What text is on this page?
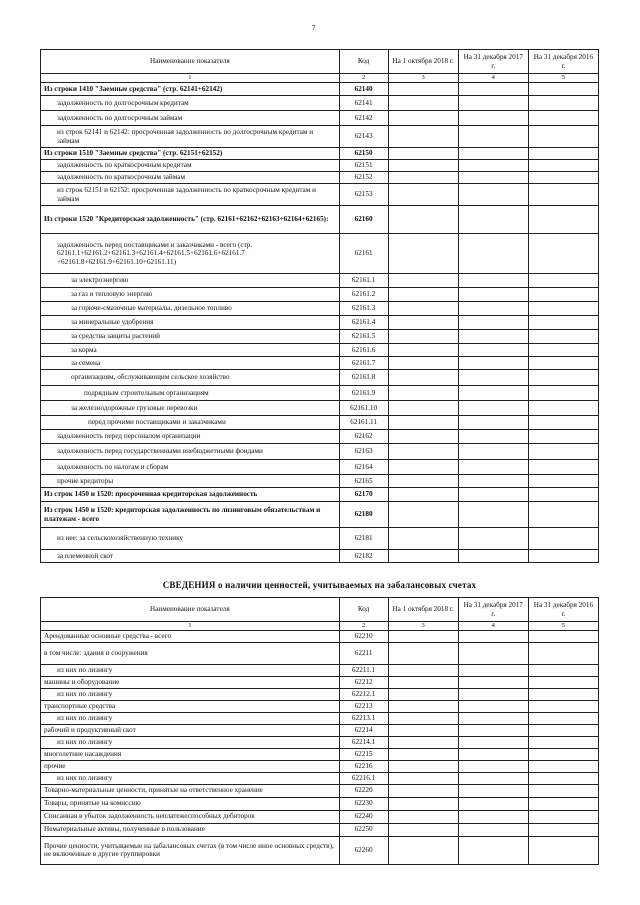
7
Наименование показателя	Код	На 1 октября 2018 г.	На 31 декабря 2017 г.	На 31 декабря 2016 г.
1	2	3	4	5
Из строки 1410 "Заемные средства" (стр. 62141+62142)	62140			
задолженность по долгосрочным кредитам	62141			
задолженность по долгосрочным займам	62142			
из строк 62141 и 62142: просроченная задолженность по долгосрочным кредитам и займам	62143			
Из строки 1510 "Заемные средства" (стр. 62151+62152)	62150			
задолженность по краткосрочным кредитам	62151			
задолженность по краткосрочным займам	62152			
из строк 62151 и 62152: просроченная задолженность по краткосрочным кредитам и займам	62153			
Из строки 1520 "Кредиторская задолженность" (стр. 62161+62162+62163+62164+62165):	62160			
задолженность перед поставщиками и заказчиками - всего (стр. 62161.1+62161.2+62161.3+62161.4+62161.5+62161.6+62161.7 +62161.8+62161.9+62161.10+62161.11)	62161			
за электроэнергию	62161.1			
за газ и тепловую энергию	62161.2			
за горюче-смазочные материалы, дизельное топливо	62161.3			
за минеральные удобрения	62161.4			
за средства защиты растений	62161.5			
за корма	62161.6			
за семена	62161.7			
организациям, обслуживающим сельское хозяйство	62161.8			
подрядным строительным организациям	62161.9			
за железнодорожные грузовые перевозки	62161.10			
перед прочими поставщиками и заказчиками	62161.11			
задолженность перед персоналом организации	62162			
задолженность перед государственными внебюджетными фондами	62163			
задолженность по налогам и сборам	62164			
прочие кредиторы	62165			
Из строк 1450 и 1520: просроченная кредиторская задолженность	62170			
Из строк 1450 и 1520: кредиторская задолженность по лизинговым обязательствам и платежам - всего	62180			
из нее: за сельскохозяйственную технику	62181			
за племенной скот	62182			
СВЕДЕНИЯ о наличии ценностей, учитываемых на забалансовых счетах
Наименование показателя	Код	На 1 октября 2018 г.	На 31 декабря 2017 г.	На 31 декабря 2016 г.
1	2	3	4	5
Арендованные основные средства - всего	62210			
в том числе: здания и сооружения	62211			
из них по лизингу	62211.1			
машины и оборудование	62212			
из них по лизингу	62212.1			
транспортные средства	62213			
из них по лизингу	62213.1			
рабочий и продуктивный скот	62214			
из них по лизингу	62214.1			
многолетние насаждения	62215			
прочие	62216			
из них по лизингу	62216.1			
Товарно-материальные ценности, принятые на ответственное хранение	62220			
Товары, принятые на комиссию	62230			
Списанная в убыток задолженность неплатежеспособных дебиторов	62240			
Нематериальные активы, полученные в пользование	62250			
Прочие ценности, учитываемые на забалансовых счетах (в том числе иное основных средств), не включенные в другие группировки	62260			
